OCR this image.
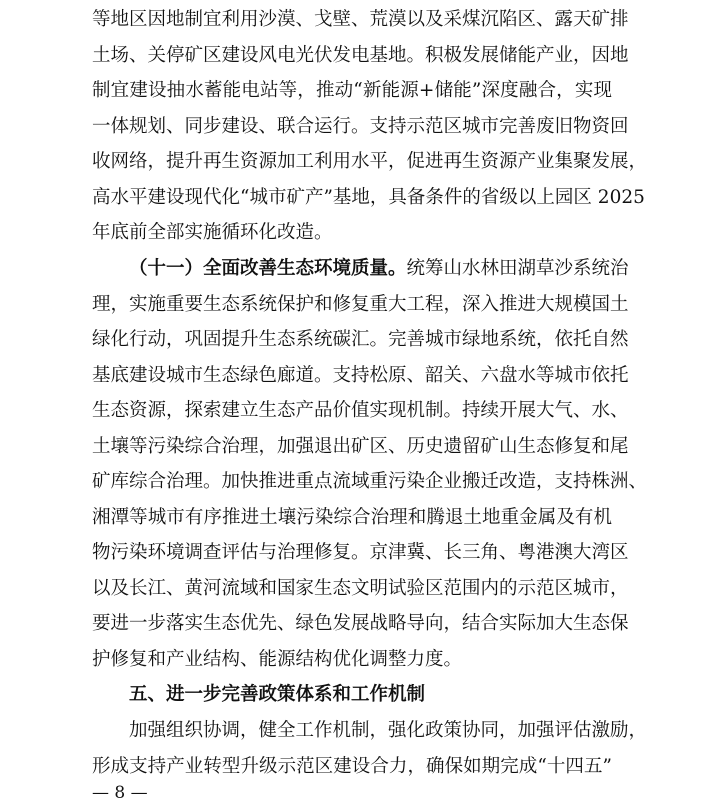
等地区因地制宜利用沙漠、戈壁、荒漠以及采煤沉陷区、露天矿排
土场、关停矿区建设风电光伏发电基地。积极发展储能产业，因地
制宜建设抽水蓄能电站等，推动“新能源+储能”深度融合，实现
一体规划、同步建设、联合运行。支持示范区城市完善废旧物资回
收网络，提升再生资源加工利用水平，促进再生资源产业集聚发展，
高水平建设现代化“城市矿产”基地，具备条件的省级以上园区 2025
年底前全部实施循环化改造。
（十一）全面改善生态环境质量。统筹山水林田湖草沙系统治
理，实施重要生态系统保护和修复重大工程，深入推进大规模国土
绿化行动，巩固提升生态系统碳汇。完善城市绿地系统，依托自然
基底建设城市生态绿色廊道。支持松原、韶关、六盘水等城市依托
生态资源，探索建立生态产品价值实现机制。持续开展大气、水、
土壤等污染综合治理，加强退出矿区、历史遗留矿山生态修复和尾
矿库综合治理。加快推进重点流域重污染企业搬迁改造，支持株洲、
湘潭等城市有序推进土壤污染综合治理和腾退土地重金属及有机
物污染环境调查评估与治理修复。京津冀、长三角、粤港澳大湾区
以及长江、黄河流域和国家生态文明试验区范围内的示范区城市，
要进一步落实生态优先、绿色发展战略导向，结合实际加大生态保
护修复和产业结构、能源结构优化调整力度。
五、进一步完善政策体系和工作机制
加强组织协调，健全工作机制，强化政策协同，加强评估激励，
形成支持产业转型升级示范区建设合力，确保如期完成“十四五”
— 8 —
